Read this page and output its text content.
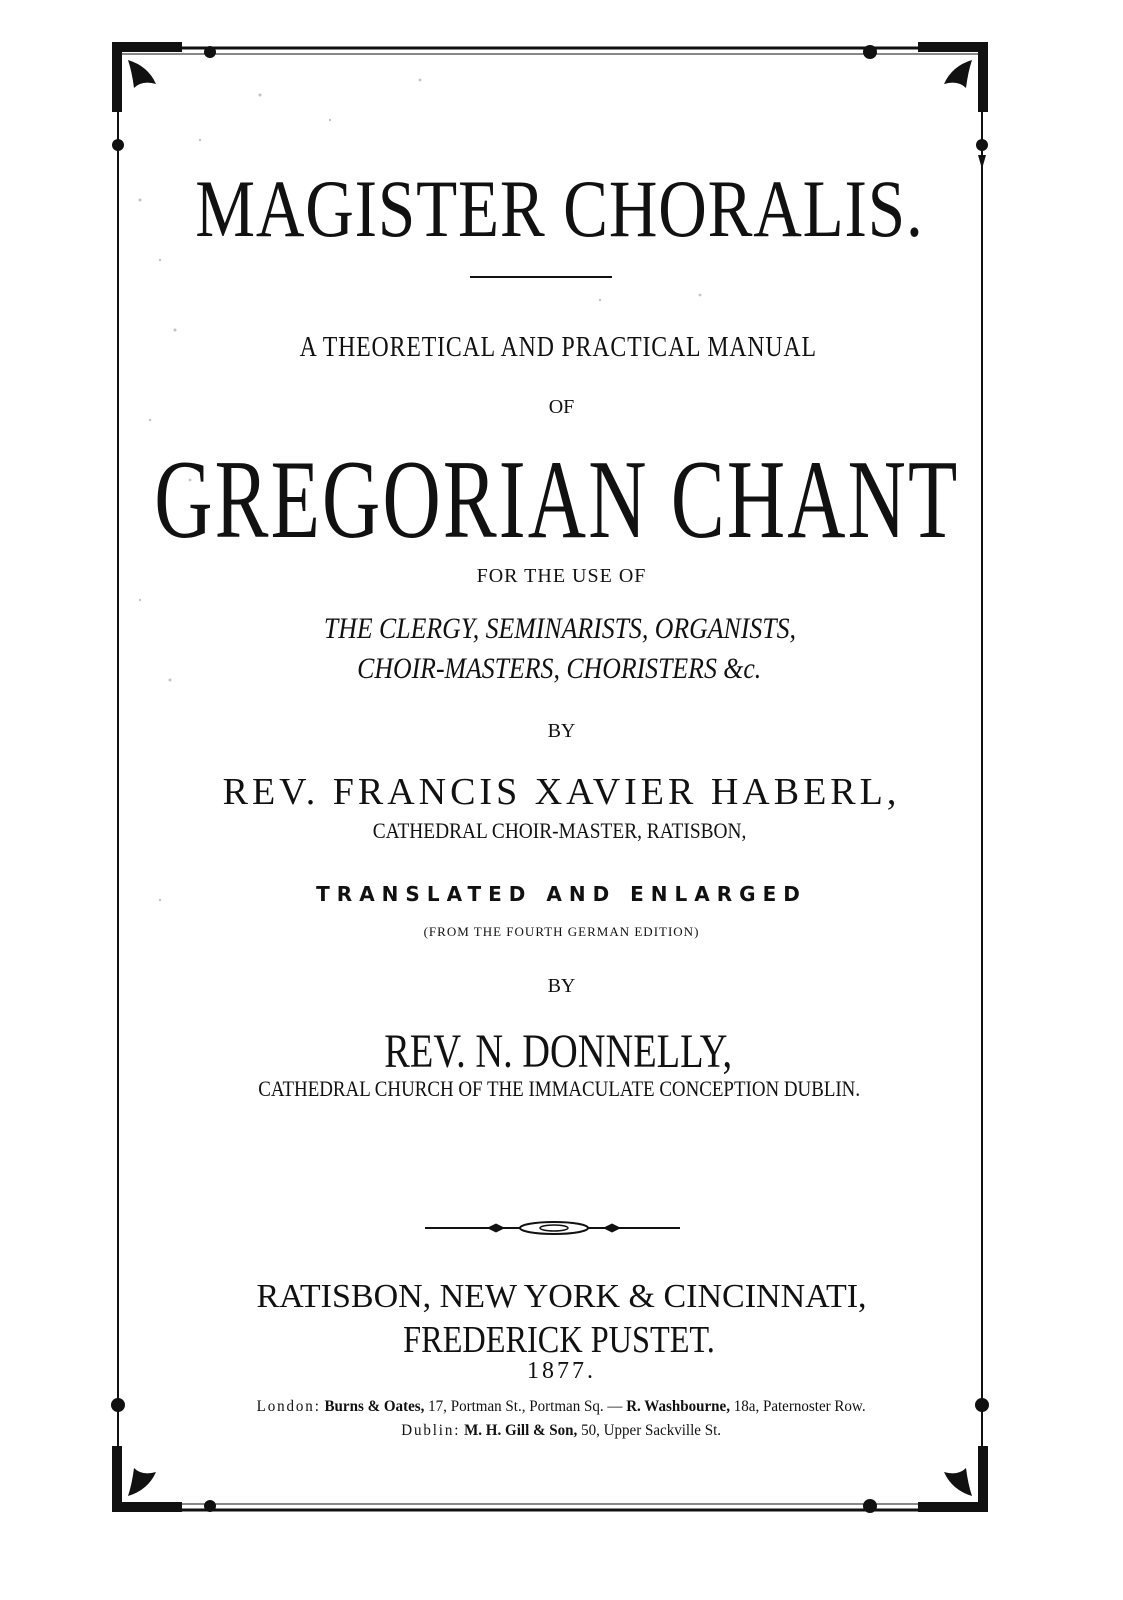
MAGISTER CHORALIS.
A THEORETICAL AND PRACTICAL MANUAL
OF
GREGORIAN CHANT
FOR THE USE OF
THE CLERGY, SEMINARISTS, ORGANISTS,
CHOIR-MASTERS, CHORISTERS &c.
BY
REV. FRANCIS XAVIER HABERL,
CATHEDRAL CHOIR-MASTER, RATISBON,
TRANSLATED AND ENLARGED
(FROM THE FOURTH GERMAN EDITION)
BY
REV. N. DONNELLY,
CATHEDRAL CHURCH OF THE IMMACULATE CONCEPTION DUBLIN.
RATISBON, NEW YORK & CINCINNATI,
FREDERICK PUSTET.
1877.
London: Burns & Oates, 17, Portman St., Portman Sq. — R. Washbourne, 18a, Paternoster Row.
Dublin: M. H. Gill & Son, 50, Upper Sackville St.
